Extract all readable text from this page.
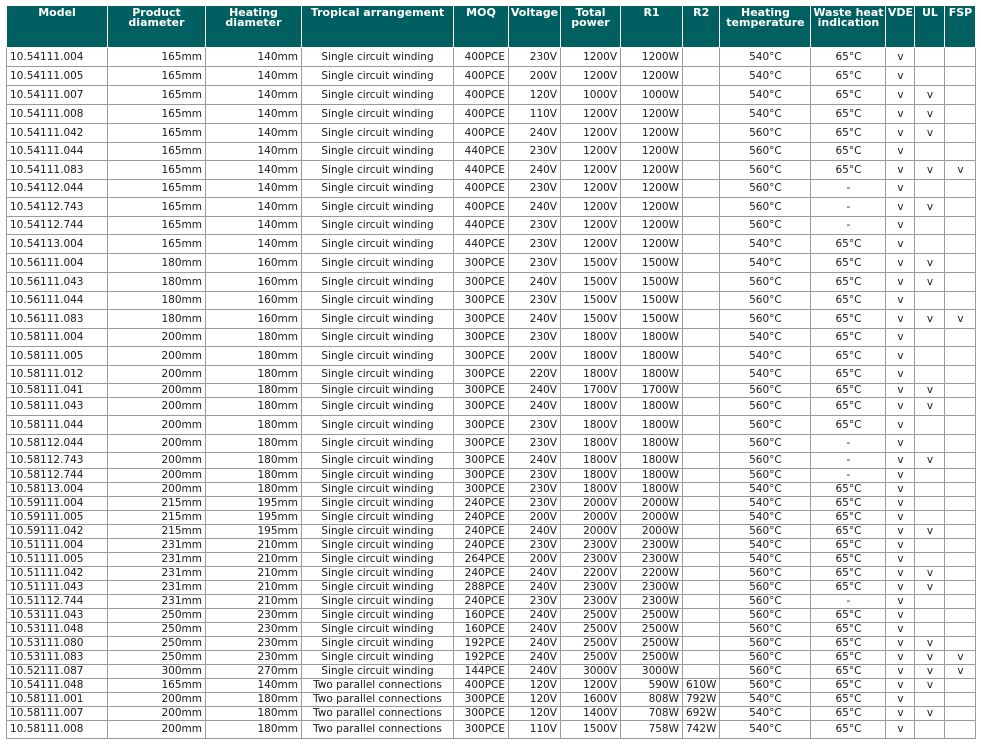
Model	Product diameter	Heating diameter	Tropical arrangement	MOQ	Voltage	Total power	R1	R2	Heating temperature	Waste heat indication	VDE	UL	FSP
10.54111.004	165mm	140mm	Single circuit winding	400PCE	230V	1200V	1200W		540°C	65°C	v		
10.54111.005	165mm	140mm	Single circuit winding	400PCE	200V	1200V	1200W		540°C	65°C	v		
10.54111.007	165mm	140mm	Single circuit winding	400PCE	120V	1000V	1000W		540°C	65°C	v	v	
10.54111.008	165mm	140mm	Single circuit winding	400PCE	110V	1200V	1200W		540°C	65°C	v	v	
10.54111.042	165mm	140mm	Single circuit winding	400PCE	240V	1200V	1200W		560°C	65°C	v	v	
10.54111.044	165mm	140mm	Single circuit winding	440PCE	230V	1200V	1200W		560°C	65°C	v		
10.54111.083	165mm	140mm	Single circuit winding	440PCE	240V	1200V	1200W		560°C	65°C	v	v	v
10.54112.044	165mm	140mm	Single circuit winding	400PCE	230V	1200V	1200W		560°C	-	v		
10.54112.743	165mm	140mm	Single circuit winding	400PCE	240V	1200V	1200W		560°C	-	v	v	
10.54112.744	165mm	140mm	Single circuit winding	440PCE	230V	1200V	1200W		560°C	-	v		
10.54113.004	165mm	140mm	Single circuit winding	440PCE	230V	1200V	1200W		540°C	65°C	v		
10.56111.004	180mm	160mm	Single circuit winding	300PCE	230V	1500V	1500W		540°C	65°C	v	v	
10.56111.043	180mm	160mm	Single circuit winding	300PCE	240V	1500V	1500W		560°C	65°C	v	v	
10.56111.044	180mm	160mm	Single circuit winding	300PCE	230V	1500V	1500W		560°C	65°C	v		
10.56111.083	180mm	160mm	Single circuit winding	300PCE	240V	1500V	1500W		560°C	65°C	v	v	v
10.58111.004	200mm	180mm	Single circuit winding	300PCE	230V	1800V	1800W		540°C	65°C	v		
10.58111.005	200mm	180mm	Single circuit winding	300PCE	200V	1800V	1800W		540°C	65°C	v		
10.58111.012	200mm	180mm	Single circuit winding	300PCE	220V	1800V	1800W		540°C	65°C	v		
10.58111.041	200mm	180mm	Single circuit winding	300PCE	240V	1700V	1700W		560°C	65°C	v	v	
10.58111.043	200mm	180mm	Single circuit winding	300PCE	240V	1800V	1800W		560°C	65°C	v	v	
10.58111.044	200mm	180mm	Single circuit winding	300PCE	230V	1800V	1800W		560°C	65°C	v		
10.58112.044	200mm	180mm	Single circuit winding	300PCE	230V	1800V	1800W		560°C	-	v		
10.58112.743	200mm	180mm	Single circuit winding	300PCE	240V	1800V	1800W		560°C	-	v	v	
10.58112.744	200mm	180mm	Single circuit winding	300PCE	230V	1800V	1800W		560°C	-	v		
10.58113.004	200mm	180mm	Single circuit winding	300PCE	230V	1800V	1800W		540°C	65°C	v		
10.59111.004	215mm	195mm	Single circuit winding	240PCE	230V	2000V	2000W		540°C	65°C	v		
10.59111.005	215mm	195mm	Single circuit winding	240PCE	200V	2000V	2000W		540°C	65°C	v		
10.59111.042	215mm	195mm	Single circuit winding	240PCE	240V	2000V	2000W		560°C	65°C	v	v	
10.51111.004	231mm	210mm	Single circuit winding	240PCE	230V	2300V	2300W		540°C	65°C	v		
10.51111.005	231mm	210mm	Single circuit winding	264PCE	200V	2300V	2300W		540°C	65°C	v		
10.51111.042	231mm	210mm	Single circuit winding	240PCE	240V	2200V	2200W		560°C	65°C	v	v	
10.51111.043	231mm	210mm	Single circuit winding	288PCE	240V	2300V	2300W		560°C	65°C	v	v	
10.51112.744	231mm	210mm	Single circuit winding	240PCE	230V	2300V	2300W		560°C	-	v		
10.53111.043	250mm	230mm	Single circuit winding	160PCE	240V	2500V	2500W		560°C	65°C	v		
10.53111.048	250mm	230mm	Single circuit winding	160PCE	240V	2500V	2500W		560°C	65°C	v		
10.53111.080	250mm	230mm	Single circuit winding	192PCE	240V	2500V	2500W		560°C	65°C	v	v	
10.53111.083	250mm	230mm	Single circuit winding	192PCE	240V	2500V	2500W		560°C	65°C	v	v	v
10.52111.087	300mm	270mm	Single circuit winding	144PCE	240V	3000V	3000W		560°C	65°C	v	v	v
10.54111.048	165mm	140mm	Two parallel connections	400PCE	120V	1200V	590W	610W	560°C	65°C	v	v	
10.58111.001	200mm	180mm	Two parallel connections	300PCE	120V	1600V	808W	792W	540°C	65°C	v		
10.58111.007	200mm	180mm	Two parallel connections	300PCE	120V	1400V	708W	692W	540°C	65°C	v	v	
10.58111.008	200mm	180mm	Two parallel connections	300PCE	110V	1500V	758W	742W	540°C	65°C	v		
